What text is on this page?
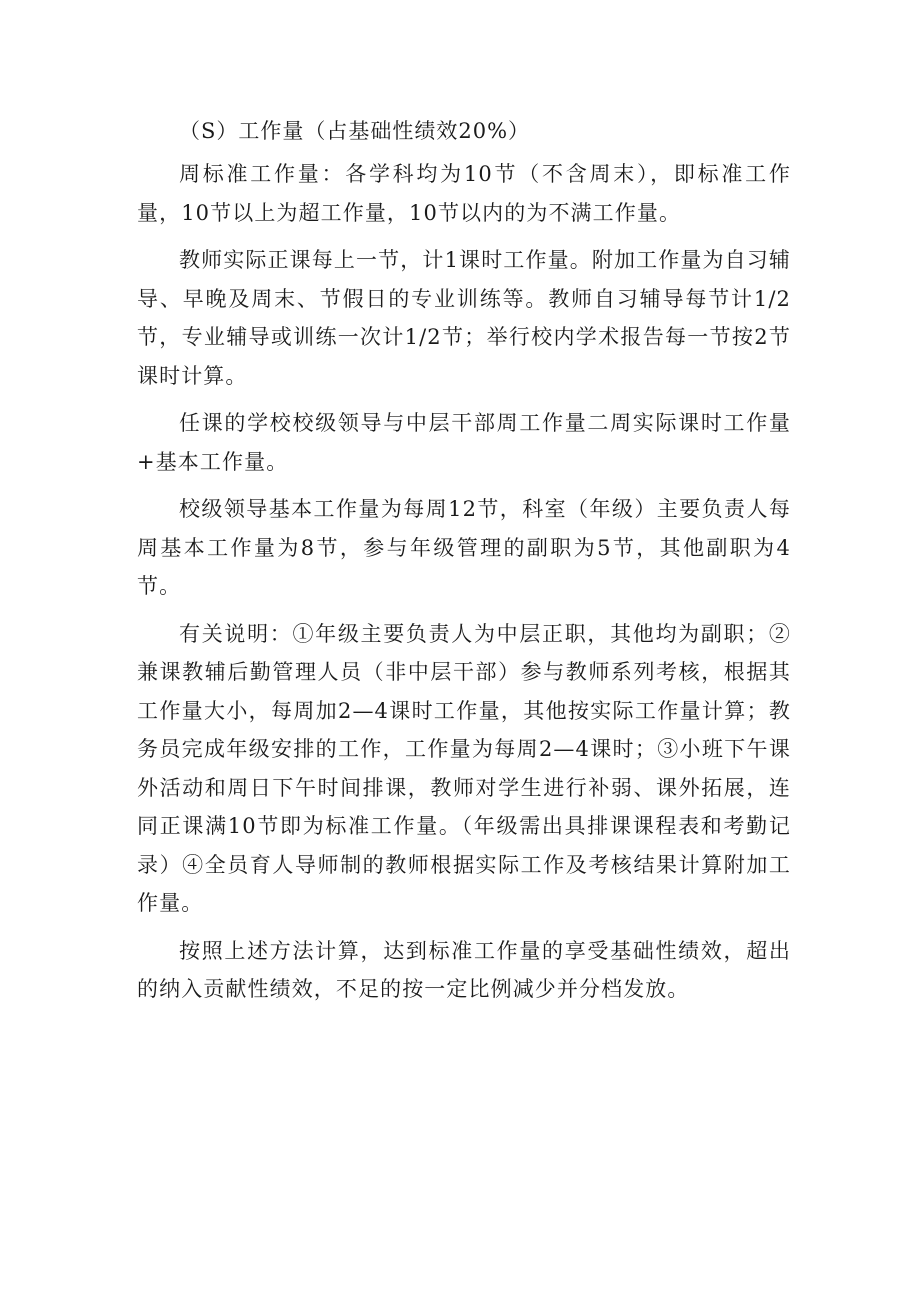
（S）工作量（占基础性绩效20%）

周标准工作量：各学科均为10节（不含周末），即标准工作量，10节以上为超工作量，10节以内的为不满工作量。

教师实际正课每上一节，计1课时工作量。附加工作量为自习辅导、早晚及周末、节假日的专业训练等。教师自习辅导每节计1/2节，专业辅导或训练一次计1/2节；举行校内学术报告每一节按2节课时计算。

任课的学校校级领导与中层干部周工作量二周实际课时工作量+基本工作量。

校级领导基本工作量为每周12节，科室（年级）主要负责人每周基本工作量为8节，参与年级管理的副职为5节，其他副职为4节。

有关说明：①年级主要负责人为中层正职，其他均为副职；②兼课教辅后勤管理人员（非中层干部）参与教师系列考核，根据其工作量大小，每周加2—4课时工作量，其他按实际工作量计算；教务员完成年级安排的工作，工作量为每周2—4课时；③小班下午课外活动和周日下午时间排课，教师对学生进行补弱、课外拓展，连同正课满10节即为标准工作量。（年级需出具排课课程表和考勤记录）④全员育人导师制的教师根据实际工作及考核结果计算附加工作量。

按照上述方法计算，达到标准工作量的享受基础性绩效，超出的纳入贡献性绩效，不足的按一定比例减少并分档发放。
